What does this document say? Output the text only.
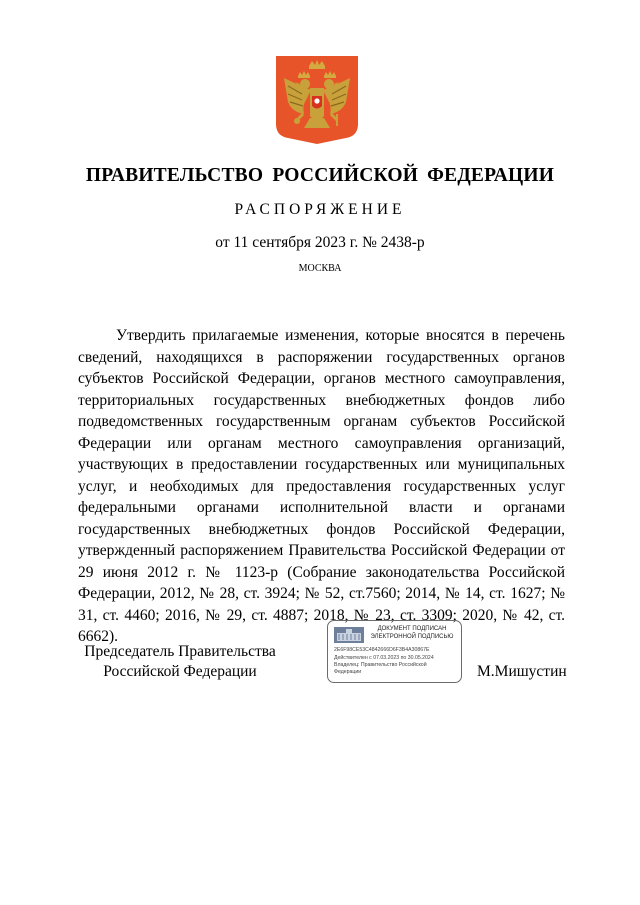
ПРАВИТЕЛЬСТВО РОССИЙСКОЙ ФЕДЕРАЦИИ
РАСПОРЯЖЕНИЕ
от 11 сентября 2023 г. № 2438-р
МОСКВА

Утвердить прилагаемые изменения, которые вносятся в перечень сведений, находящихся в распоряжении государственных органов субъектов Российской Федерации, органов местного самоуправления, территориальных государственных внебюджетных фондов либо подведомственных государственным органам субъектов Российской Федерации или органам местного самоуправления организаций, участвующих в предоставлении государственных или муниципальных услуг, и необходимых для предоставления государственных услуг федеральными органами исполнительной власти и органами государственных внебюджетных фондов Российской Федерации, утвержденный распоряжением Правительства Российской Федерации от 29 июня 2012 г. № 1123-р (Собрание законодательства Российской Федерации, 2012, № 28, ст. 3924; № 52, ст.7560; 2014, № 14, ст. 1627; № 31, ст. 4460; 2016, № 29, ст. 4887; 2018, № 23, ст. 3309; 2020, № 42, ст. 6662).

Председатель Правительства
Российской Федерации
ДОКУМЕНТ ПОДПИСАН
ЭЛЕКТРОННОЙ ПОДПИСЬЮ
2E6F98CE53C4842666D6F3B4A30867E
Действителен с 07.03.2023 по 30.05.2024
Владелец: Правительство Российской
Федерации	М.Мишустин
